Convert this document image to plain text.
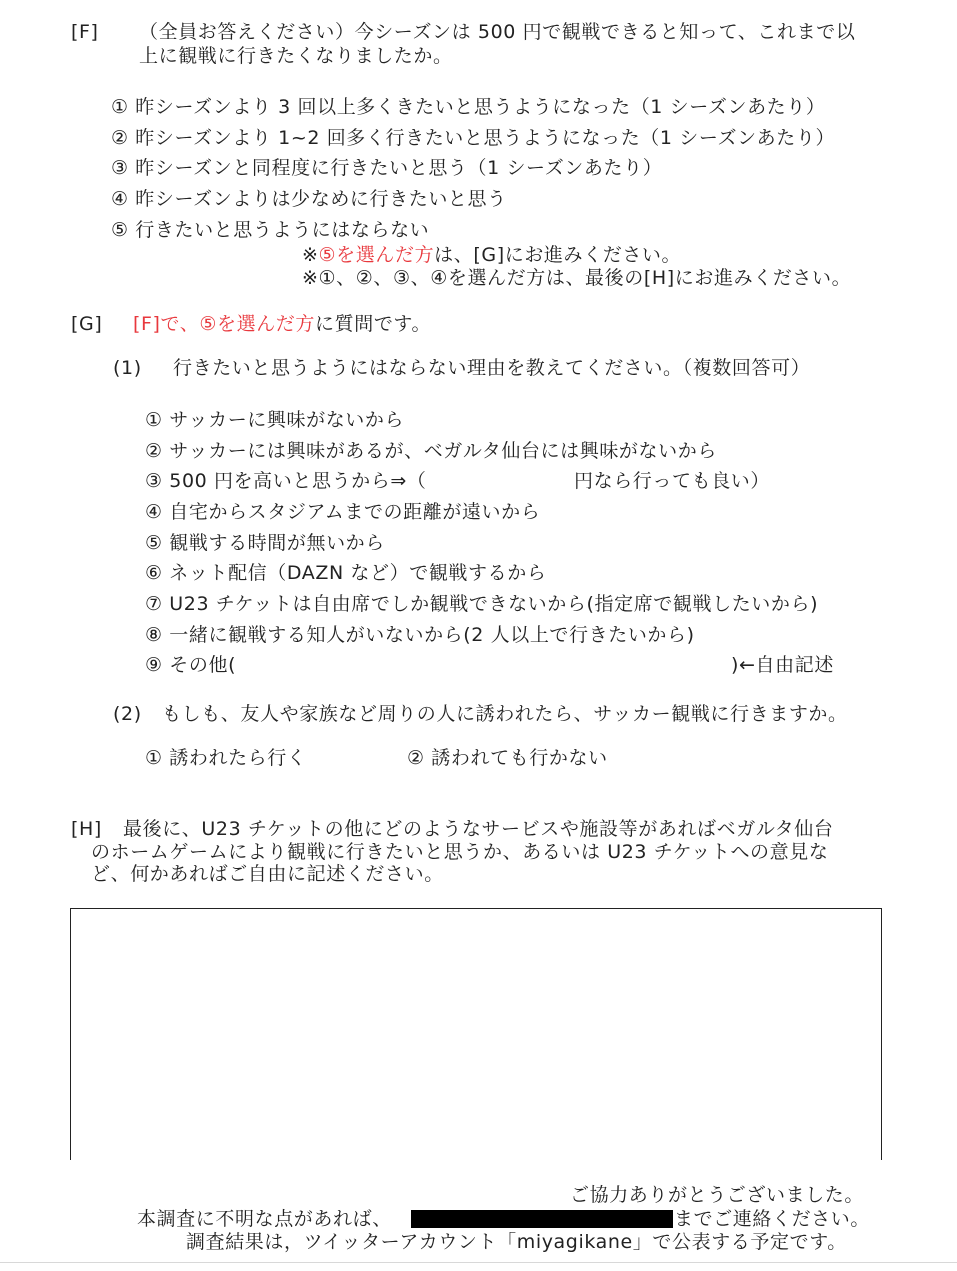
[F] （全員お答えください）今シーズンは 500 円で観戦できると知って、これまで以
上に観戦に行きたくなりましたか。
① 昨シーズンより 3 回以上多くきたいと思うようになった（1 シーズンあたり）
② 昨シーズンより 1~2 回多く行きたいと思うようになった（1 シーズンあたり）
③ 昨シーズンと同程度に行きたいと思う（1 シーズンあたり）
④ 昨シーズンよりは少なめに行きたいと思う
⑤ 行きたいと思うようにはならない
※⑤を選んだ方は、[G]にお進みください。
※①、②、③、④を選んだ方は、最後の[H]にお進みください。
[G] [F]で、⑤を選んだ方に質問です。
(1) 行きたいと思うようにはならない理由を教えてください。（複数回答可）
① サッカーに興味がないから
② サッカーには興味があるが、ベガルタ仙台には興味がないから
③ 500 円を高いと思うから⇒（	円なら行っても良い）
④ 自宅からスタジアムまでの距離が遠いから
⑤ 観戦する時間が無いから
⑥ ネット配信（DAZN など）で観戦するから
⑦ U23 チケットは自由席でしか観戦できないから(指定席で観戦したいから)
⑧ 一緒に観戦する知人がいないから(2 人以上で行きたいから)
⑨ その他(	)←自由記述
(2) もしも、友人や家族など周りの人に誘われたら、サッカー観戦に行きますか。
① 誘われたら行く	② 誘われても行かない
[H] 最後に、U23 チケットの他にどのようなサービスや施設等があればベガルタ仙台
のホームゲームにより観戦に行きたいと思うか、あるいは U23 チケットへの意見な
ど、何かあればご自由に記述ください。
ご協力ありがとうございました。
本調査に不明な点があれば、	までご連絡ください。
調査結果は，ツイッターアカウント「miyagikane」で公表する予定です。
